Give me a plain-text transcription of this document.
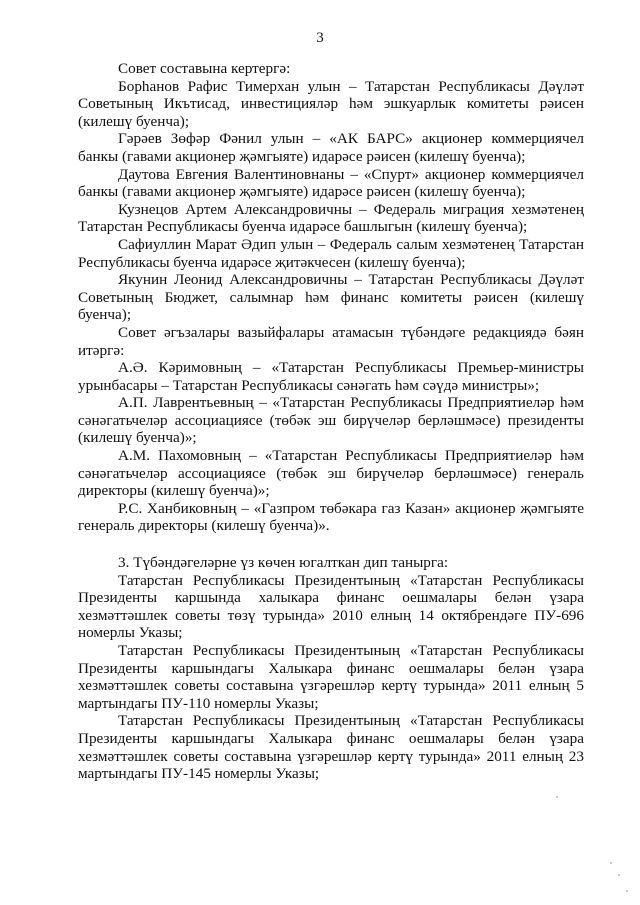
3

Совет составына кертергә:

Борhанов Рафис Тимерхан улын – Татарстан Республикасы Дәүләт Советының Икътисад, инвестицияләр һәм эшкуарлык комитеты рәисен (килешү буенча);

Гәрәев Зөфәр Фәнил улын – «АК БАРС» акционер коммерциячел банкы (гавами акционер җәмгыяте) идарәсе рәисен (килешү буенча);

Даутова Евгения Валентиновнаны – «Спурт» акционер коммерциячел банкы (гавами акционер җәмгыяте) идарәсе рәисен (килешү буенча);

Кузнецов Артем Александровичны – Федераль миграция хезмәтенең Татарстан Республикасы буенча идарәсе башлыгын (килешү буенча);

Сафиуллин Марат Әдип улын – Федераль салым хезмәтенең Татарстан Республикасы буенча идарәсе җитәкчесен (килешү буенча);

Якунин Леонид Александровичны – Татарстан Республикасы Дәүләт Советының Бюджет, салымнар һәм финанс комитеты рәисен (килешү буенча);

Совет әгъзалары вазыйфалары атамасын түбәндәге редакциядә бәян итәргә:

А.Ә. Кәримовның – «Татарстан Республикасы Премьер-министры урынбасары – Татарстан Республикасы сәнәгать һәм сәүдә министры»;

А.П. Лаврентьевның – «Татарстан Республикасы Предприятиеләр һәм сәнәгатьчеләр ассоциациясе (төбәк эш бирүчеләр берләшмәсе) президенты (килешү буенча)»;

А.М. Пахомовның – «Татарстан Республикасы Предприятиеләр һәм сәнәгатьчеләр ассоциациясе (төбәк эш бирүчеләр берләшмәсе) генераль директоры (килешү буенча)»;

Р.С. Ханбиковның – «Газпром төбәкара газ Казан» акционер җәмгыяте генераль директоры (килешү буенча)».

3. Түбәндәгеләрне үз көчен югалткан дип танырга:

Татарстан Республикасы Президентының «Татарстан Республикасы Президенты каршында халыкара финанс оешмалары белән үзара хезмәттәшлек советы төзү турында» 2010 елның 14 октябрендәге ПУ-696 номерлы Указы;

Татарстан Республикасы Президентының «Татарстан Республикасы Президенты каршындагы Халыкара финанс оешмалары белән үзара хезмәттәшлек советы составына үзгәрешләр кертү турында» 2011 елның 5 мартындагы ПУ-110 номерлы Указы;

Татарстан Республикасы Президентының «Татарстан Республикасы Президенты каршындагы Халыкара финанс оешмалары белән үзара хезмәттәшлек советы составына үзгәрешләр кертү турында» 2011 елның 23 мартындагы ПУ-145 номерлы Указы;
